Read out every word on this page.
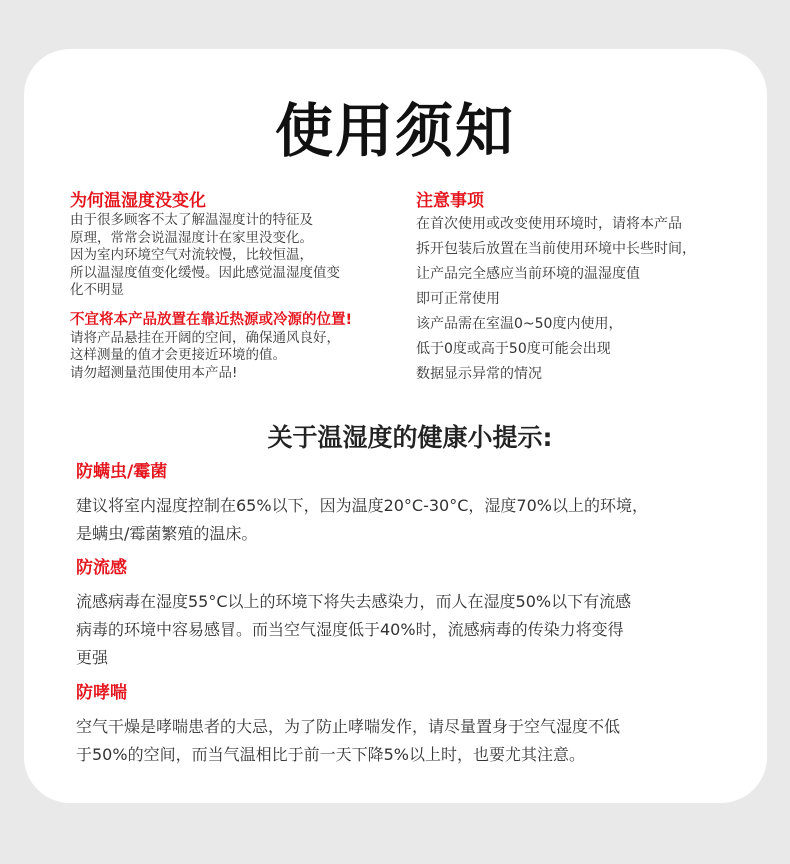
使用须知
为何温湿度没变化
由于很多顾客不太了解温湿度计的特征及
原理，常常会说温湿度计在家里没变化。
因为室内环境空气对流较慢，比较恒温，
所以温湿度值变化缓慢。因此感觉温湿度值变
化不明显
不宜将本产品放置在靠近热源或冷源的位置!
请将产品悬挂在开阔的空间，确保通风良好，
这样测量的值才会更接近环境的值。
请勿超测量范围使用本产品!
注意事项
在首次使用或改变使用环境时，请将本产品
拆开包装后放置在当前使用环境中长些时间，
让产品完全感应当前环境的温湿度值
即可正常使用
该产品需在室温0~50度内使用，
低于0度或高于50度可能会出现
数据显示异常的情况
关于温湿度的健康小提示:
防螨虫/霉菌
建议将室内湿度控制在65%以下，因为温度20°C-30°C，湿度70%以上的环境，
是螨虫/霉菌繁殖的温床。
防流感
流感病毒在湿度55°C以上的环境下将失去感染力，而人在湿度50%以下有流感
病毒的环境中容易感冒。而当空气湿度低于40%时，流感病毒的传染力将变得
更强
防哮喘
空气干燥是哮喘患者的大忌，为了防止哮喘发作，请尽量置身于空气湿度不低
于50%的空间，而当气温相比于前一天下降5%以上时，也要尤其注意。
